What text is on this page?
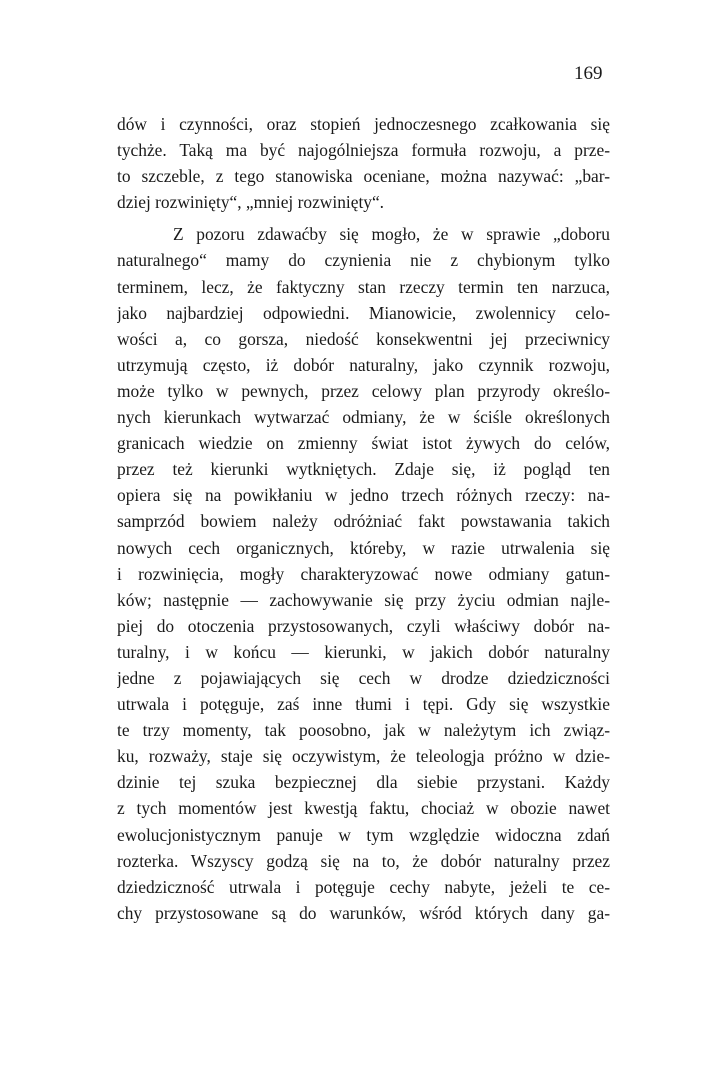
169
dów i czynności, oraz stopień jednoczesnego zcałkowania się
tychże. Taką ma być najogólniejsza formuła rozwoju, a prze-
to szczeble, z tego stanowiska oceniane, można nazywać: „bar-
dziej rozwinięty“, „mniej rozwinięty“.
Z pozoru zdawaćby się mogło, że w sprawie „doboru
naturalnego“ mamy do czynienia nie z chybionym tylko
terminem, lecz, że faktyczny stan rzeczy termin ten narzuca,
jako najbardziej odpowiedni. Mianowicie, zwolennicy celo-
wości a, co gorsza, niedość konsekwentni jej przeciwnicy
utrzymują często, iż dobór naturalny, jako czynnik rozwoju,
może tylko w pewnych, przez celowy plan przyrody określo-
nych kierunkach wytwarzać odmiany, że w ściśle określonych
granicach wiedzie on zmienny świat istot żywych do celów,
przez też kierunki wytkniętych. Zdaje się, iż pogląd ten
opiera się na powikłaniu w jedno trzech różnych rzeczy: na-
samprzód bowiem należy odróżniać fakt powstawania takich
nowych cech organicznych, któreby, w razie utrwalenia się
i rozwinięcia, mogły charakteryzować nowe odmiany gatun-
ków; następnie — zachowywanie się przy życiu odmian najle-
piej do otoczenia przystosowanych, czyli właściwy dobór na-
turalny, i w końcu — kierunki, w jakich dobór naturalny
jedne z pojawiających się cech w drodze dziedziczności
utrwala i potęguje, zaś inne tłumi i tępi. Gdy się wszystkie
te trzy momenty, tak poosobno, jak w należytym ich związ-
ku, rozważy, staje się oczywistym, że teleologja próżno w dzie-
dzinie tej szuka bezpiecznej dla siebie przystani. Każdy
z tych momentów jest kwestją faktu, chociaż w obozie nawet
ewolucjonistycznym panuje w tym względzie widoczna zdań
rozterka. Wszyscy godzą się na to, że dobór naturalny przez
dziedziczność utrwala i potęguje cechy nabyte, jeżeli te ce-
chy przystosowane są do warunków, wśród których dany ga-
